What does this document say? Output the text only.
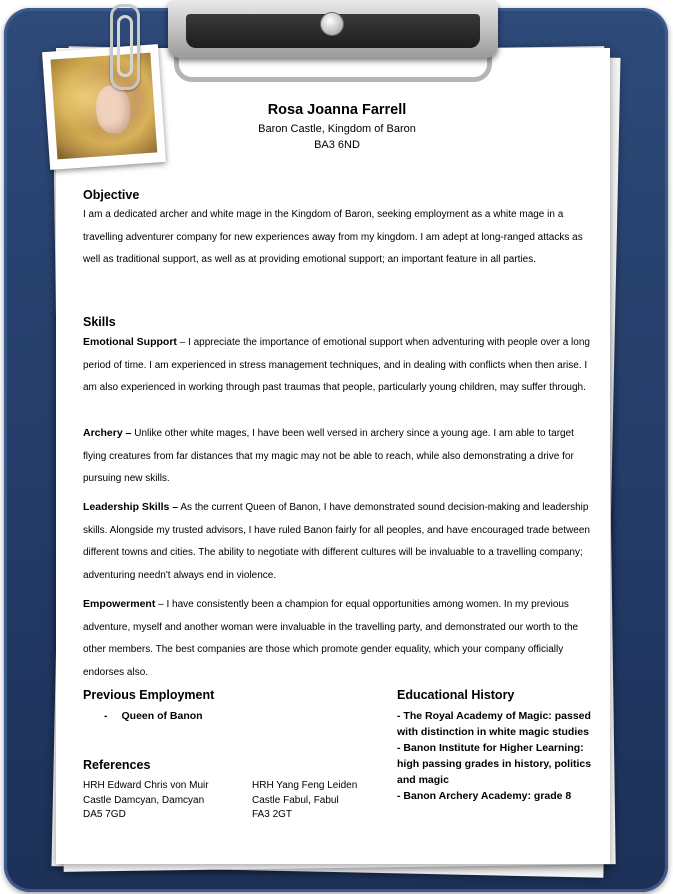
Rosa Joanna Farrell
Baron Castle, Kingdom of Baron
BA3 6ND
Objective
I am a dedicated archer and white mage in the Kingdom of Baron, seeking employment as a white mage in a travelling adventurer company for new experiences away from my kingdom. I am adept at long-ranged attacks as well as traditional support, as well as at providing emotional support; an important feature in all parties.
Skills
Emotional Support – I appreciate the importance of emotional support when adventuring with people over a long period of time. I am experienced in stress management techniques, and in dealing with conflicts when then arise. I am also experienced in working through past traumas that people, particularly young children, may suffer through.
Archery – Unlike other white mages, I have been well versed in archery since a young age. I am able to target flying creatures from far distances that my magic may not be able to reach, while also demonstrating a drive for pursuing new skills.
Leadership Skills – As the current Queen of Banon, I have demonstrated sound decision-making and leadership skills. Alongside my trusted advisors, I have ruled Banon fairly for all peoples, and have encouraged trade between different towns and cities. The ability to negotiate with different cultures will be invaluable to a travelling company; adventuring needn't always end in violence.
Empowerment – I have consistently been a champion for equal opportunities among women. In my previous adventure, myself and another woman were invaluable in the travelling party, and demonstrated our worth to the other members. The best companies are those which promote gender equality, which your company officially endorses also.
Previous Employment
- Queen of Banon
Educational History
- The Royal Academy of Magic: passed with distinction in white magic studies
- Banon Institute for Higher Learning: high passing grades in history, politics and magic
- Banon Archery Academy: grade 8
References
HRH Edward Chris von Muir
Castle Damcyan, Damcyan
DA5 7GD
HRH Yang Feng Leiden
Castle Fabul, Fabul
FA3 2GT
